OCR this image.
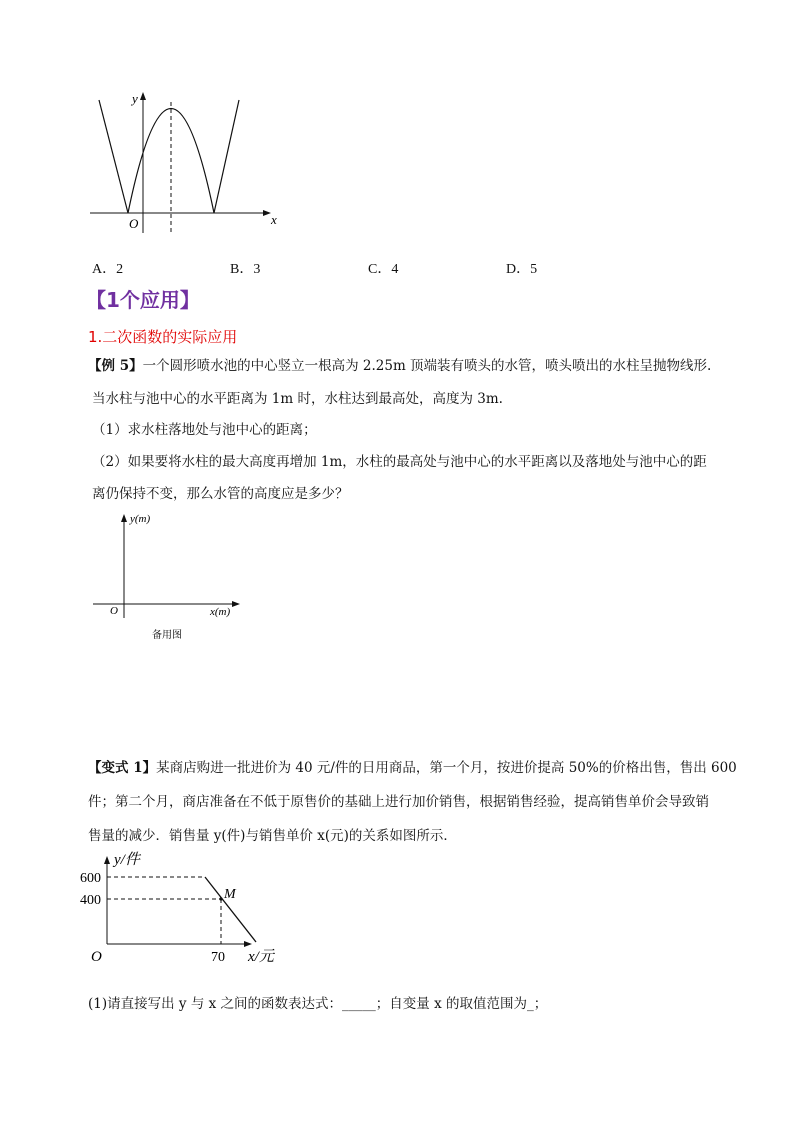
y
x
O
A．2	B．3	C．4	D．5
【1个应用】
1.二次函数的实际应用
【例 5】一个圆形喷水池的中心竖立一根高为 2.25m 顶端装有喷头的水管，喷头喷出的水柱呈抛物线形.
当水柱与池中心的水平距离为 1m 时，水柱达到最高处，高度为 3m.
（1）求水柱落地处与池中心的距离；
（2）如果要将水柱的最大高度再增加 1m，水柱的最高处与池中心的水平距离以及落地处与池中心的距
离仍保持不变，那么水管的高度应是多少？
y(m)
x(m)
O
备用图
【变式 1】某商店购进一批进价为 40 元/件的日用商品，第一个月，按进价提高 50%的价格出售，售出 600
件；第二个月，商店准备在不低于原售价的基础上进行加价销售，根据销售经验，提高销售单价会导致销
售量的减少．销售量 y(件)与销售单价 x(元)的关系如图所示．
y/件
600
400	M
O	70 x/元
(1)请直接写出 y 与 x 之间的函数表达式：_____；自变量 x 的取值范围为_；
